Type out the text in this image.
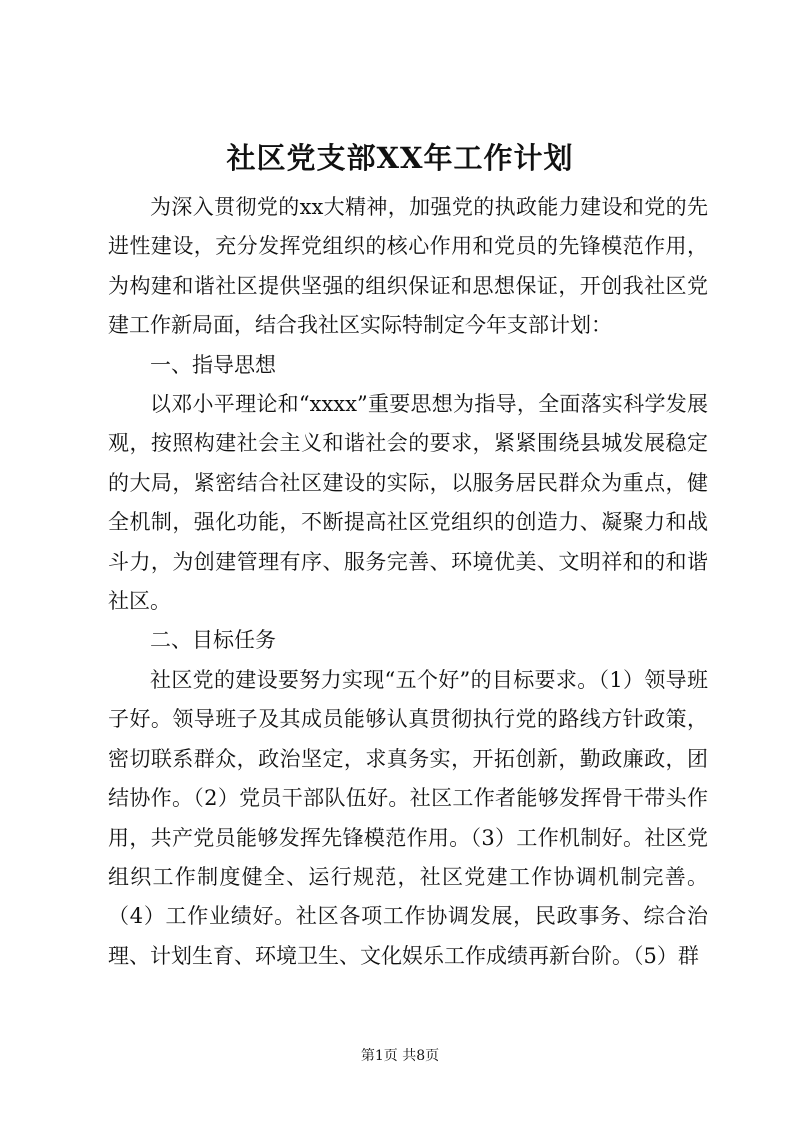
社区党支部XX年工作计划

为深入贯彻党的xx大精神，加强党的执政能力建设和党的先进性建设，充分发挥党组织的核心作用和党员的先锋模范作用，为构建和谐社区提供坚强的组织保证和思想保证，开创我社区党建工作新局面，结合我社区实际特制定今年支部计划：

一、指导思想

以邓小平理论和“xxxx”重要思想为指导，全面落实科学发展观，按照构建社会主义和谐社会的要求，紧紧围绕县城发展稳定的大局，紧密结合社区建设的实际，以服务居民群众为重点，健全机制，强化功能，不断提高社区党组织的创造力、凝聚力和战斗力，为创建管理有序、服务完善、环境优美、文明祥和的和谐社区。

二、目标任务

社区党的建设要努力实现“五个好”的目标要求。（1）领导班子好。领导班子及其成员能够认真贯彻执行党的路线方针政策，密切联系群众，政治坚定，求真务实，开拓创新，勤政廉政，团结协作。（2）党员干部队伍好。社区工作者能够发挥骨干带头作用，共产党员能够发挥先锋模范作用。（3）工作机制好。社区党组织工作制度健全、运行规范，社区党建工作协调机制完善。（4）工作业绩好。社区各项工作协调发展，民政事务、综合治理、计划生育、环境卫生、文化娱乐工作成绩再新台阶。（5）群

第1页 共8页
